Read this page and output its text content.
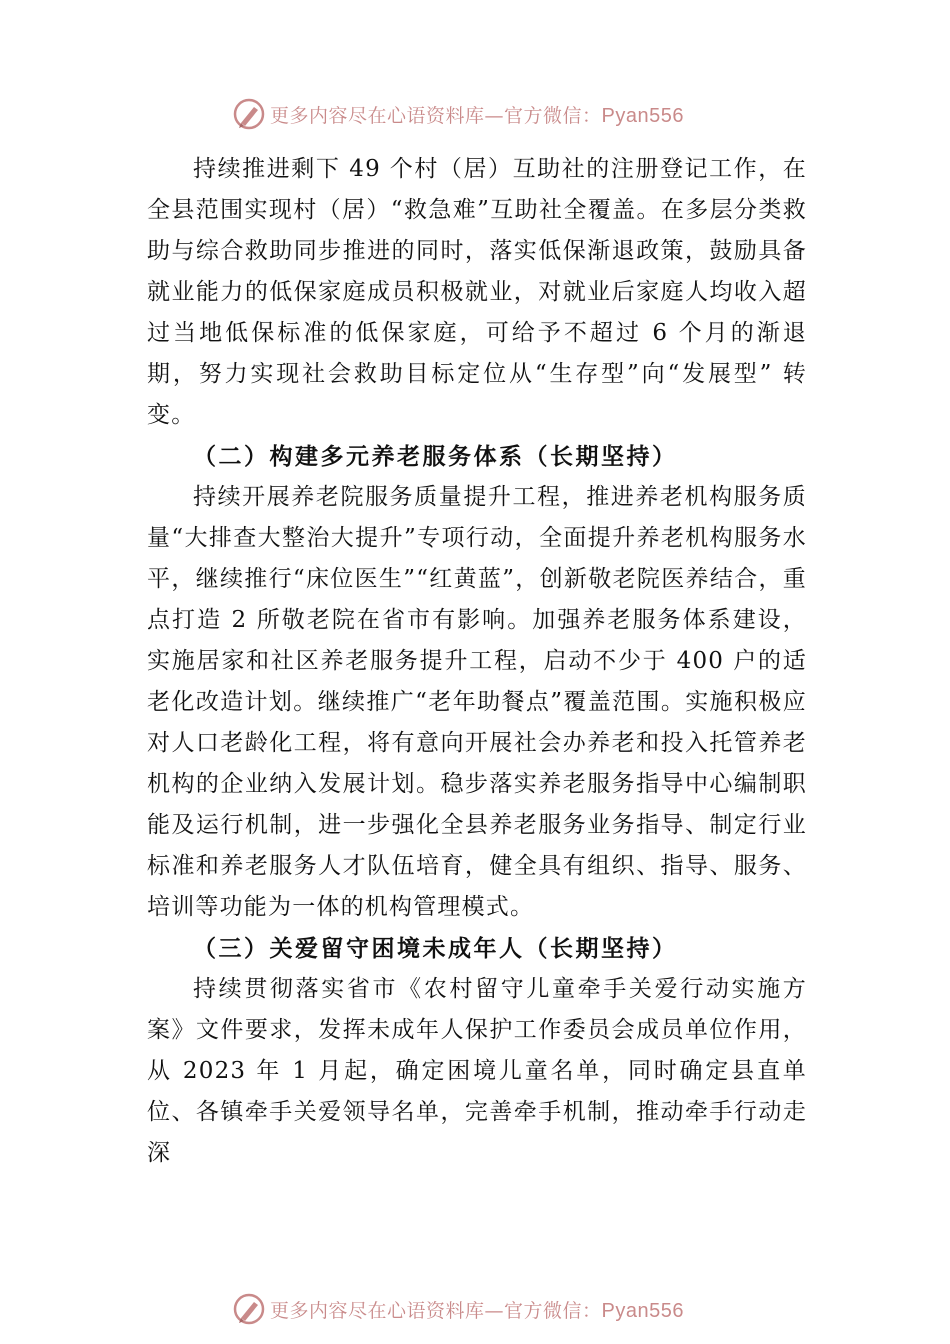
更多内容尽在心语资料库—官方微信：Pyan556

持续推进剩下 49 个村（居）互助社的注册登记工作，在全县范围实现村（居）“救急难”互助社全覆盖。在多层分类救助与综合救助同步推进的同时，落实低保渐退政策，鼓励具备就业能力的低保家庭成员积极就业，对就业后家庭人均收入超过当地低保标准的低保家庭，可给予不超过 6 个月的渐退期，努力实现社会救助目标定位从“生存型”向“发展型” 转变。

（二）构建多元养老服务体系（长期坚持）

持续开展养老院服务质量提升工程，推进养老机构服务质量“大排查大整治大提升”专项行动，全面提升养老机构服务水平，继续推行“床位医生”“红黄蓝”，创新敬老院医养结合，重点打造 2 所敬老院在省市有影响。加强养老服务体系建设，实施居家和社区养老服务提升工程，启动不少于 400 户的适老化改造计划。继续推广“老年助餐点”覆盖范围。实施积极应对人口老龄化工程，将有意向开展社会办养老和投入托管养老机构的企业纳入发展计划。稳步落实养老服务指导中心编制职能及运行机制，进一步强化全县养老服务业务指导、制定行业标准和养老服务人才队伍培育，健全具有组织、指导、服务、培训等功能为一体的机构管理模式。

（三）关爱留守困境未成年人（长期坚持）

持续贯彻落实省市《农村留守儿童牵手关爱行动实施方案》文件要求，发挥未成年人保护工作委员会成员单位作用，从 2023 年 1 月起，确定困境儿童名单，同时确定县直单位、各镇牵手关爱领导名单，完善牵手机制，推动牵手行动走深

更多内容尽在心语资料库—官方微信：Pyan556
